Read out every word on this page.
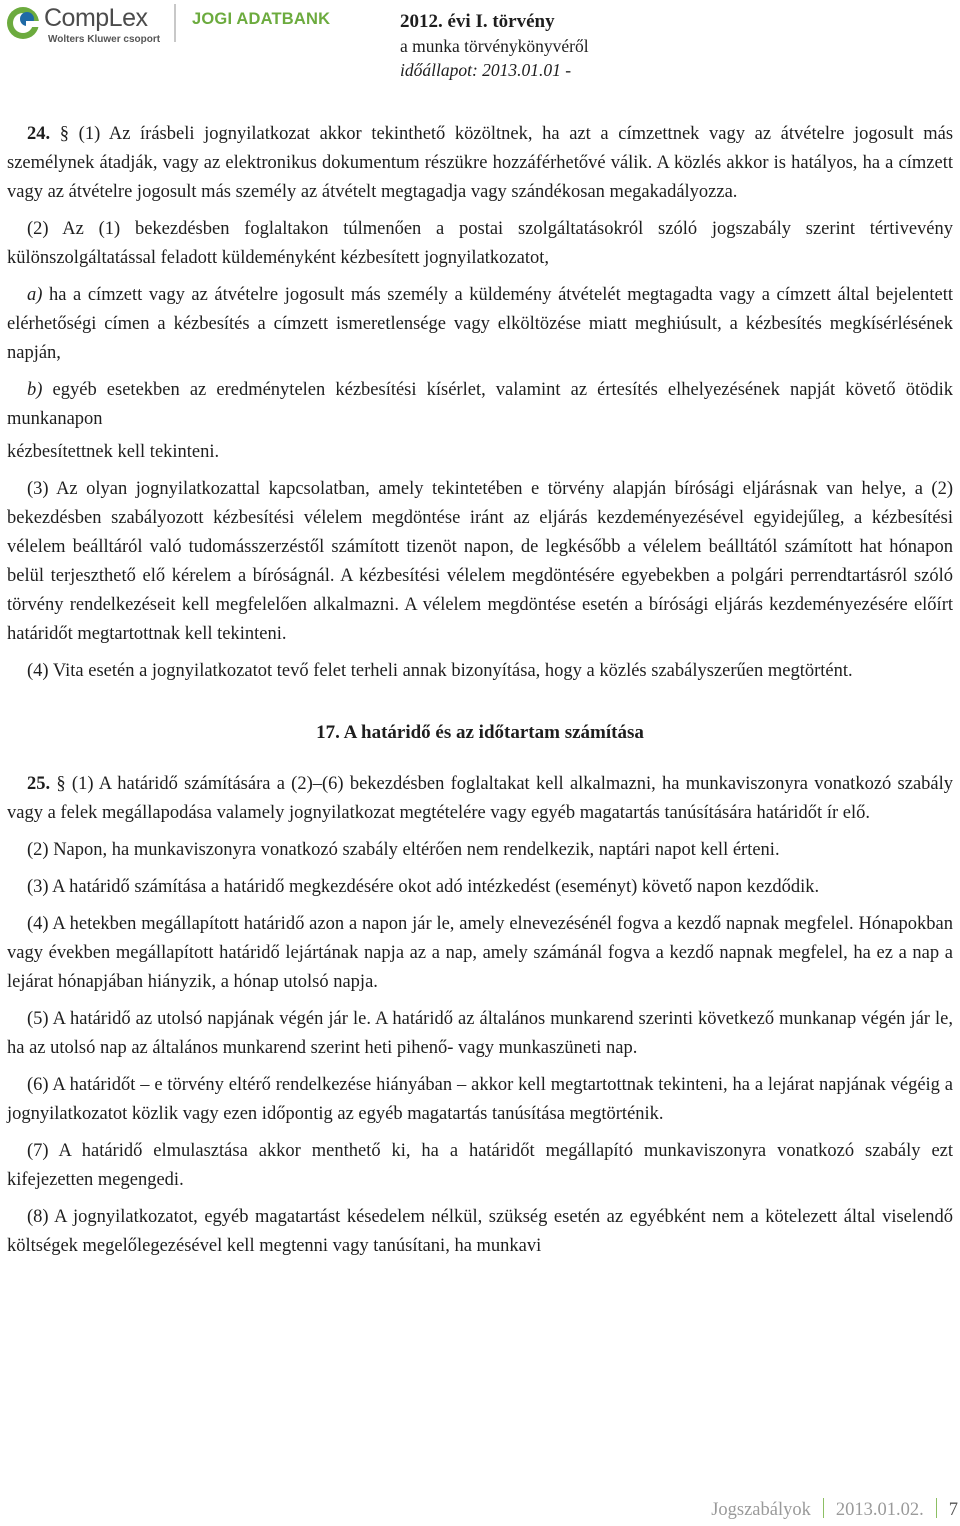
CompLex
Wolters Kluwer csoport
JOGI ADATBANK	2012. évi I. törvény

a munka törvénykönyvéről

időállapot: 2013.01.01 -

24. § (1) Az írásbeli jognyilatkozat akkor tekinthető közöltnek, ha azt a címzettnek vagy az átvételre jogosult más személynek átadják, vagy az elektronikus dokumentum részükre hozzáférhetővé válik. A közlés akkor is hatályos, ha a címzett vagy az átvételre jogosult más személy az átvételt megtagadja vagy szándékosan megakadályozza.

(2) Az (1) bekezdésben foglaltakon túlmenően a postai szolgáltatásokról szóló jogszabály szerint tértivevény különszolgáltatással feladott küldeményként kézbesített jognyilatkozatot,

a) ha a címzett vagy az átvételre jogosult más személy a küldemény átvételét megtagadta vagy a címzett által bejelentett elérhetőségi címen a kézbesítés a címzett ismeretlensége vagy elköltözése miatt meghiúsult, a kézbesítés megkísérlésének napján,

b) egyéb esetekben az eredménytelen kézbesítési kísérlet, valamint az értesítés elhelyezésének napját követő ötödik munkanapon

kézbesítettnek kell tekinteni.

(3) Az olyan jognyilatkozattal kapcsolatban, amely tekintetében e törvény alapján bírósági eljárásnak van helye, a (2) bekezdésben szabályozott kézbesítési vélelem megdöntése iránt az eljárás kezdeményezésével egyidejűleg, a kézbesítési vélelem beálltáról való tudomásszerzéstől számított tizenöt napon, de legkésőbb a vélelem beálltától számított hat hónapon belül terjeszthető elő kérelem a bíróságnál. A kézbesítési vélelem megdöntésére egyebekben a polgári perrendtartásról szóló törvény rendelkezéseit kell megfelelően alkalmazni. A vélelem megdöntése esetén a bírósági eljárás kezdeményezésére előírt határidőt megtartottnak kell tekinteni.

(4) Vita esetén a jognyilatkozatot tevő felet terheli annak bizonyítása, hogy a közlés szabályszerűen megtörtént.

17. A határidő és az időtartam számítása

25. § (1) A határidő számítására a (2)–(6) bekezdésben foglaltakat kell alkalmazni, ha munkaviszonyra vonatkozó szabály vagy a felek megállapodása valamely jognyilatkozat megtételére vagy egyéb magatartás tanúsítására határidőt ír elő.

(2) Napon, ha munkaviszonyra vonatkozó szabály eltérően nem rendelkezik, naptári napot kell érteni.

(3) A határidő számítása a határidő megkezdésére okot adó intézkedést (eseményt) követő napon kezdődik.

(4) A hetekben megállapított határidő azon a napon jár le, amely elnevezésénél fogva a kezdő napnak megfelel. Hónapokban vagy években megállapított határidő lejártának napja az a nap, amely számánál fogva a kezdő napnak megfelel, ha ez a nap a lejárat hónapjában hiányzik, a hónap utolsó napja.

(5) A határidő az utolsó napjának végén jár le. A határidő az általános munkarend szerinti következő munkanap végén jár le, ha az utolsó nap az általános munkarend szerint heti pihenő- vagy munkaszüneti nap.

(6) A határidőt – e törvény eltérő rendelkezése hiányában – akkor kell megtartottnak tekinteni, ha a lejárat napjának végéig a jognyilatkozatot közlik vagy ezen időpontig az egyéb magatartás tanúsítása megtörténik.

(7) A határidő elmulasztása akkor menthető ki, ha a határidőt megállapító munkaviszonyra vonatkozó szabály ezt kifejezetten megengedi.

(8) A jognyilatkozatot, egyéb magatartást késedelem nélkül, szükség esetén az egyébként nem a kötelezett által viselendő költségek megelőlegezésével kell megtenni vagy tanúsítani, ha munkavi

Jogszabályok 2013.01.02. 7
